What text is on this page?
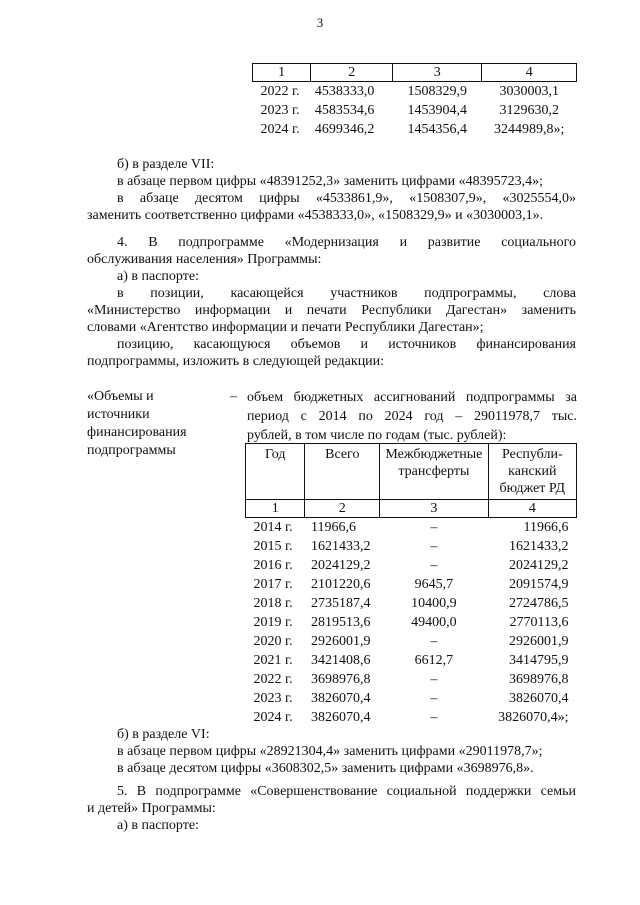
3
1	2	3	4
2022 г.	4538333,0	1508329,9	3030003,1
2023 г.	4583534,6	1453904,4	3129630,2
2024 г.	4699346,2	1454356,4	3244989,8»;
б) в разделе VII:
в абзаце первом цифры «48391252,3» заменить цифрами «48395723,4»;
в абзаце десятом цифры «4533861,9», «1508307,9», «3025554,0»
заменить соответственно цифрами «4538333,0», «1508329,9» и «3030003,1».
4. В подпрограмме «Модернизация и развитие социального
обслуживания населения» Программы:
а) в паспорте:
в позиции, касающейся участников подпрограммы, слова
«Министерство информации и печати Республики Дагестан» заменить
словами «Агентство информации и печати Республики Дагестан»;
позицию, касающуюся объемов и источников финансирования
подпрограммы, изложить в следующей редакции:
«Объемы и
источники
финансирования
подпрограммы
– объем бюджетных ассигнований подпрограммы за
период с 2014 по 2024 год – 29011978,7 тыс.
рублей, в том числе по годам (тыс. рублей):
Год	Всего	Межбюджетные трансферты	Республи-канский бюджет РД
1	2	3	4
2014 г.	11966,6	–	11966,6
2015 г.	1621433,2	–	1621433,2
2016 г.	2024129,2	–	2024129,2
2017 г.	2101220,6	9645,7	2091574,9
2018 г.	2735187,4	10400,9	2724786,5
2019 г.	2819513,6	49400,0	2770113,6
2020 г.	2926001,9	–	2926001,9
2021 г.	3421408,6	6612,7	3414795,9
2022 г.	3698976,8	–	3698976,8
2023 г.	3826070,4	–	3826070,4
2024 г.	3826070,4	–	3826070,4»;
б) в разделе VI:
в абзаце первом цифры «28921304,4» заменить цифрами «29011978,7»;
в абзаце десятом цифры «3608302,5» заменить цифрами «3698976,8».
5. В подпрограмме «Совершенствование социальной поддержки семьи
и детей» Программы:
а) в паспорте:
